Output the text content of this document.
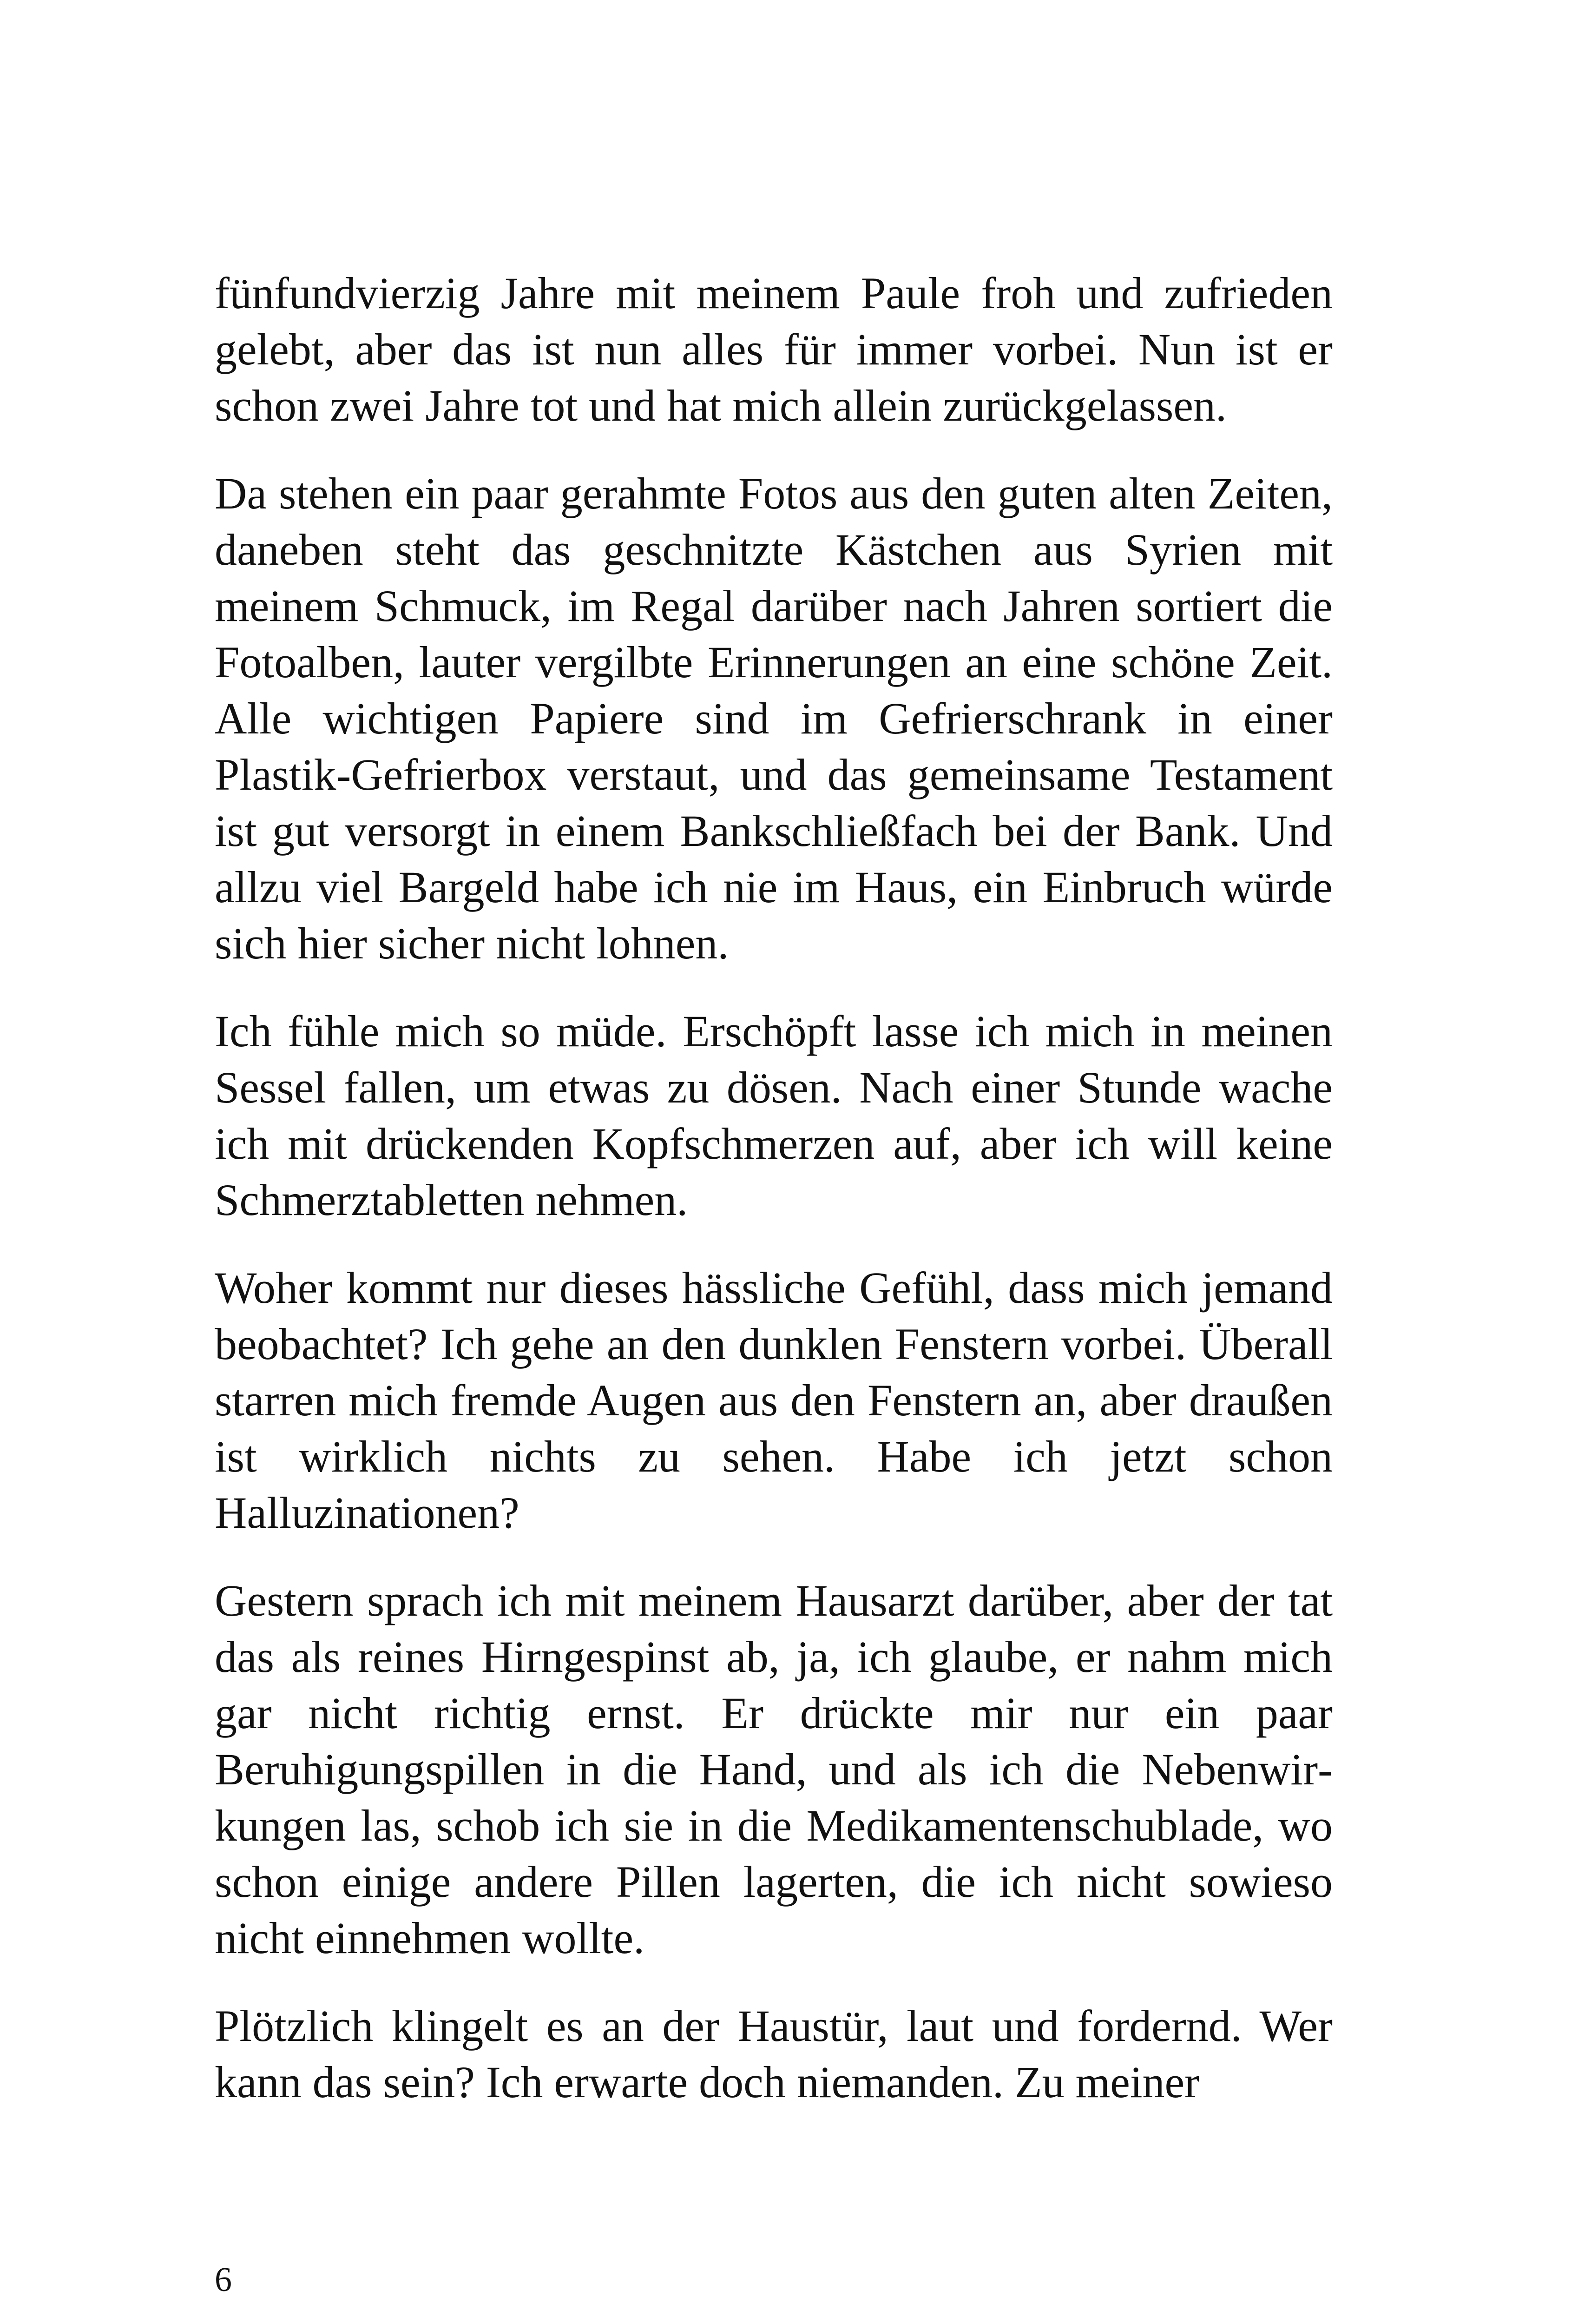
fünfundvierzig Jahre mit meinem Paule froh und zufrieden gelebt, aber das ist nun alles für immer vorbei. Nun ist er schon zwei Jahre tot und hat mich allein zurückgelassen.

Da stehen ein paar gerahmte Fotos aus den guten alten Zeiten, daneben steht das geschnitzte Kästchen aus Syrien mit meinem Schmuck, im Regal darüber nach Jahren sortiert die Fotoalben, lauter vergilbte Erinnerungen an eine schöne Zeit. Alle wichtigen Papiere sind im Gefrierschrank in einer Plastik-Gefrierbox verstaut, und das gemeinsame Testament ist gut versorgt in einem Bankschließfach bei der Bank. Und allzu viel Bargeld habe ich nie im Haus, ein Einbruch würde sich hier sicher nicht lohnen.

Ich fühle mich so müde. Erschöpft lasse ich mich in meinen Sessel fallen, um etwas zu dösen. Nach einer Stunde wache ich mit drückenden Kopfschmerzen auf, aber ich will keine Schmerztabletten nehmen.

Woher kommt nur dieses hässliche Gefühl, dass mich jemand beobachtet? Ich gehe an den dunklen Fenstern vorbei. Überall starren mich fremde Augen aus den Fenstern an, aber draußen ist wirklich nichts zu sehen. Habe ich jetzt schon Halluzinationen?

Gestern sprach ich mit meinem Hausarzt darüber, aber der tat das als reines Hirngespinst ab, ja, ich glaube, er nahm mich gar nicht richtig ernst. Er drückte mir nur ein paar Beruhigungspillen in die Hand, und als ich die Nebenwirkungen las, schob ich sie in die Medikamentenschublade, wo schon einige andere Pillen lagerten, die ich nicht sowieso nicht einnehmen wollte.

Plötzlich klingelt es an der Haustür, laut und fordernd. Wer kann das sein? Ich erwarte doch niemanden. Zu meiner

6
